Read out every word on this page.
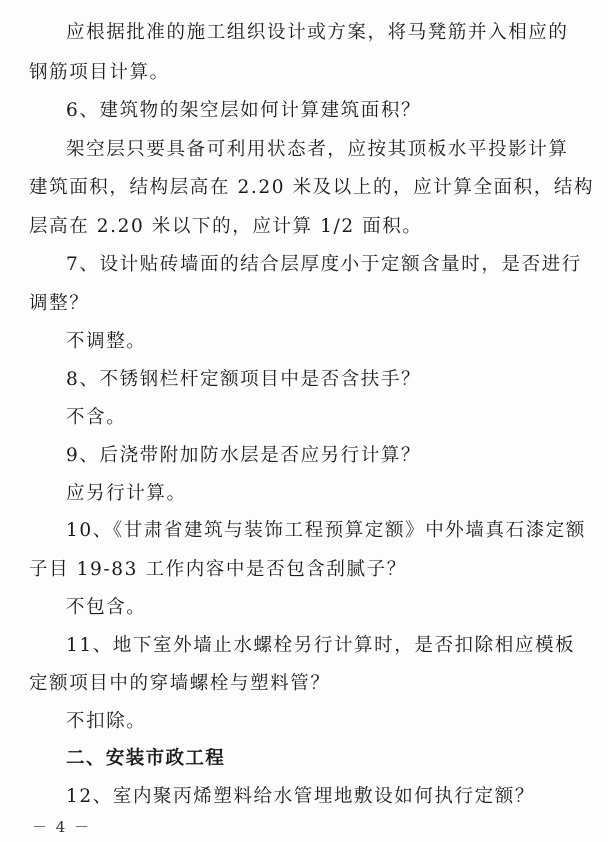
应根据批准的施工组织设计或方案，将马凳筋并入相应的
钢筋项目计算。
6、建筑物的架空层如何计算建筑面积？
架空层只要具备可利用状态者，应按其顶板水平投影计算
建筑面积，结构层高在 2.20 米及以上的，应计算全面积，结构
层高在 2.20 米以下的，应计算 1/2 面积。
7、设计贴砖墙面的结合层厚度小于定额含量时，是否进行
调整？
不调整。
8、不锈钢栏杆定额项目中是否含扶手？
不含。
9、后浇带附加防水层是否应另行计算？
应另行计算。
10、《甘肃省建筑与装饰工程预算定额》中外墙真石漆定额
子目 19-83 工作内容中是否包含刮腻子？
不包含。
11、地下室外墙止水螺栓另行计算时，是否扣除相应模板
定额项目中的穿墙螺栓与塑料管？
不扣除。
二、安装市政工程
12、室内聚丙烯塑料给水管埋地敷设如何执行定额？
－ 4 －
